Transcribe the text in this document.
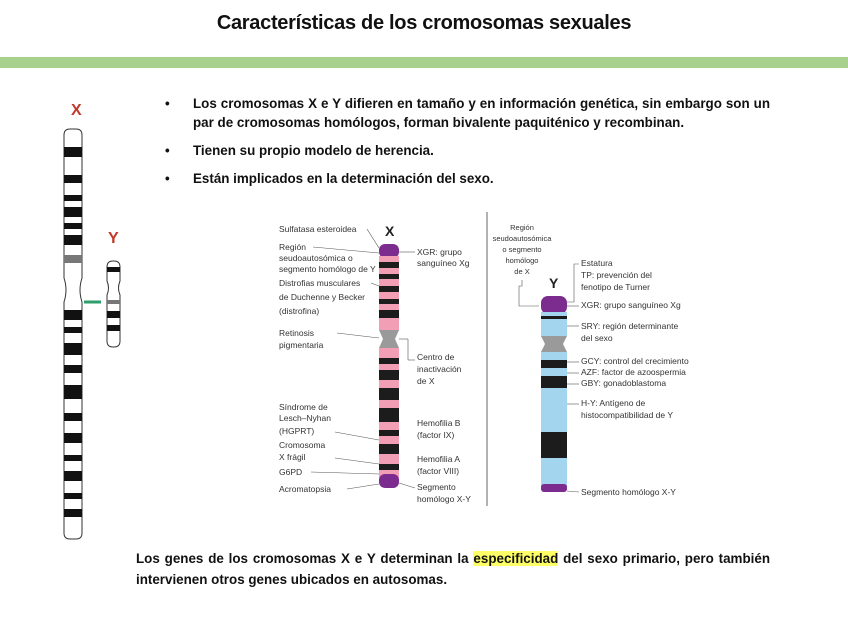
Características de los cromosomas sexuales
• Los cromosomas X e Y difieren en tamaño y en información genética, sin embargo son un par de cromosomas homólogos, forman bivalente paquiténico y recombinan.
• Tienen su propio modelo de herencia.
• Están implicados en la determinación del sexo.
X
Y	X
Sulfatasa esteroidea
Región
seudoautosómica o
segmento homólogo de Y
Distrofias musculares
de Duchenne y Becker
(distrofina)
Retinosis
pigmentaria
Síndrome de
Lesch–Nyhan
(HGPRT)
Cromosoma
X frágil
G6PD
Acromatopsia
XGR: grupo
sanguíneo Xg
Centro de
inactivación
de X
Hemofilia B
(factor IX)
Hemofilia A
(factor VIII)
Segmento
homólogo X-Y
Región
seudoautosómica
o segmento
homólogo
de X
Y
Estatura
TP: prevención del
fenotipo de Turner
XGR: grupo sanguíneo Xg
SRY: región determinante
del sexo
GCY: control del crecimiento
AZF: factor de azoospermia
GBY: gonadoblastoma
H-Y: Antígeno de
histocompatibilidad de Y
Segmento homólogo X-Y
Los genes de los cromosomas X e Y determinan la especificidad del sexo primario, pero también intervienen otros genes ubicados en autosomas.
